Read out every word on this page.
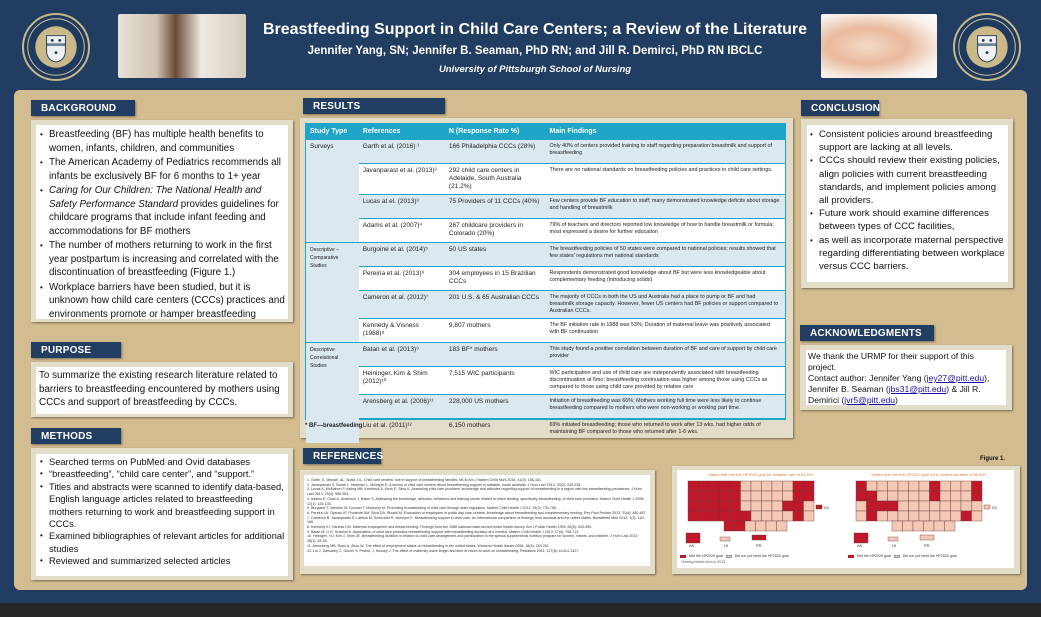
Breastfeeding Support in Child Care Centers; a Review of the Literature
Jennifer Yang, SN; Jennifer B. Seaman, PhD RN; and Jill R. Demirci, PhD RN IBCLC
University of Pittsburgh School of Nursing
BACKGROUND
• Breastfeeding (BF) has multiple health benefits to women, infants, children, and communities
• The American Academy of Pediatrics recommends all infants be exclusively BF for 6 months to 1+ year
• Caring for Our Children: The National Health and Safety Performance Standard provides guidelines for childcare programs that include infant feeding and accommodations for BF mothers
• The number of mothers returning to work in the first year postpartum is increasing and correlated with the discontinuation of breastfeeding (Figure 1.)
• Workplace barriers have been studied, but it is unknown how child care centers (CCCs) practices and environments promote or hamper breastfeeding
PURPOSE
To summarize the existing research literature related to barriers to breastfeeding encountered by mothers using CCCs and support of breastfeeding by CCCs.
METHODS
• Searched terms on PubMed and Ovid databases
• “breastfeeding”, “child care center”, and “support.”
• Titles and abstracts were scanned to identify data-based, English language articles related to breastfeeding mothers returning to work and breastfeeding support in CCCs.
• Examined bibliographies of relevant articles for additional studies
• Reviewed and summarized selected articles
RESULTS
Study Type	References	N (Response Rate %)	Main Findings
Surveys	Garth et al. (2016) ¹	166 Philadelphia CCCs (28%)	Only 40% of centers provided training to staff regarding preparation breastmilk and support of breastfeeding
	Javanparast et al. (2013)²	292 child care centers in Adelaide, South Australia (21.2%)	There are no national standards on breastfeeding policies and practices in child care settings.
	Lucas at el. (2013)³	75 Providers of 11 CCCs (40%)	Few centers provide BF education to staff; many demonstrated knowledge deficits about storage and handling of breastmilk
	Adams et al. (2007)⁴	267 childcare providers in Colorado (20%)	79% of teachers and directors reported low knowledge of how to handle breastmilk or formula; most expressed a desire for further education
Descriptive – Comparative Studies	Burgoine et al. (2014)⁵	50 US states	The breastfeeding policies of 50 states were compared to national policies; results showed that few states' regulations met national standards
	Pereiria et al. (2013)⁶	304 employees in 15 Brazilian CCCs	Respondents demonstrated good knowledge about BF but were less knowledgeable about complementary feeding (introducing solids)
	Cameron et al. (2012)⁷	201 U.S. & 65 Australian CCCs	The majority of CCCs in both the US and Australia had a place to pump or BF and had breastmilk storage capacity. However, fewer US centers had BF policies or support compared to Australian CCCs.
	Kennedy & Visness (1988)⁸	9,807 mothers	The BF initiation rate in 1988 was 53%; Duration of maternal leave was positively associated with BF continuation
Descriptive Correlational Studies	Batan et al. (2013)⁹	183 BF* mothers	This study found a positive correlation between duration of BF and care of support by child care provider
	Heininger, Kim & Shim (2012)¹⁰	7,515 WIC participants	WIC participation and use of child care are independently associated with breastfeeding discontinuation at 6mo; breastfeeding continuation was higher among those using CCCs as compared to those using child care provided by relative care
	Arensberg et al. (2006)¹¹	228,000 US mothers	Initiation of breastfeeding was 66%; Mothers working full time were less likely to continue breastfeeding compared to mothers who were non-working or working part time.
	Liu et al. (2011)¹²	6,150 mothers	69% initiated breastfeeding; those who returned to work after 13 wks. had higher odds of maintaining BF compared to those who returned after 1-6 wks.
* BF—breastfeeding
REFERENCES

1. Garth, E, Messer, AL, Spatz, DL. Child care centers' role in support of breastfeeding families. MCN Am J Matern Child Nurs 2016; 41(3): 156-161.

2. Javanparast S, Sweet L, Newman L, McIntyre E. A survey of child care centers about breastfeeding support in adelaide, south australia. J Hum Lact 2013; 29(2): 230-235.

3. Lucas A, McMahon P, Asling MB, Krebbeck A, Keck E, Sims K. Assessing child care providers' knowledge and attitudes regarding support of breastfeeding in a region with low breastfeeding prevalence. J Hum Lact 2013; 29(4): 556-563.

4. Adams E, Clark A, Anderson J, Baker S. Assessing the knowledge, attitudes, behaviors and training needs related to infant feeding, specifically breastfeeding, of child care providers. Matern Child Health J 2008; 12(1): 128-135.

5. Burgoine T, Westlee W, Duncan T, Maybeny M. Promoting breastfeeding in child care through state regulation. Matern Child Health J 2011; 19(3): 730-756.

6. Pereira LA, Oyeuso IP, Prudente AM, Silva DA, Rinaldi M. Evaluation of employees in public day care centers: knowledge about breastfeeding and complementary feeding. Rev Paul Pediatr 2013; 31(4): 480-487.

7. Cameron B, Javanparast S, Labbok M, Scheckter R, McIntyre E. Breastfeeding support in child care: An international comparison of findings from australia and the united states. Breastfeed Med 2012; 7(3): 163-166.

8. Kennedy KI, Visness CM. Maternal employment and breast-feeding: Findings from the 1988 national maternal and infant health survey. Am J Public Health 1992; 82(6): 943-950.

9. Batan M, Li R, Scanlon K. Association of child care providers breastfeeding support with breastfeeding duration at 6 months. Matern Child Health J 2013; 17(4): 708-713.

10. Heinigen, HJ, Kim J, Shim JE. Breastfeeding duration in relation to child care arrangement and participation in the special supplemental nutrition program for women, infants, and children. J Hum Lact 2012; 28(1): 28-35.

11. Arensberg MB, Ryan A, Zhou W. The effect of employment status on breastfeeding in the united states. Womens Health Issues 2006; 16(5): 243-251

12. Liu J, Dahuamy C, Glover S, Probst, J, Hussey J. The effect of maternity leave length and time of return to work on breastfeeding. Pediatrics 2011; 127(6): e1414-1427.

CONCLUSION
• Consistent policies around breastfeeding support are lacking at all levels.
• CCCs should review their existing policies, align policies with current breastfeeding standards, and implement policies among all providers.
• Future work should examine differences between types of CCC facilities,
• as well as incorporate maternal perspective regarding differentiating between workplace versus CCC barriers.
ACKNOWLEDGMENTS
We thank the URMP for their support of this project.
Contact author: Jennifer Yang (jey27@pitt.edu), Jennifer B. Seaman (jbs31@pitt.edu) & Jill R. Demirici (jvr5@pitt.edu)
Figure 1.
States that met the HP2020 goal for initiation rate of 81.9%*
AK	HI	PR
DC
Met the HP2020 goal	Did not yet meet the HP2020 goal
States that met the HP2020 goal for 6 months duration of 60.6%*
AK	HI	PR
DC
Met the HP2020 goal	Did not yet meet the HP2020 goal
*Among infants born in 2013
